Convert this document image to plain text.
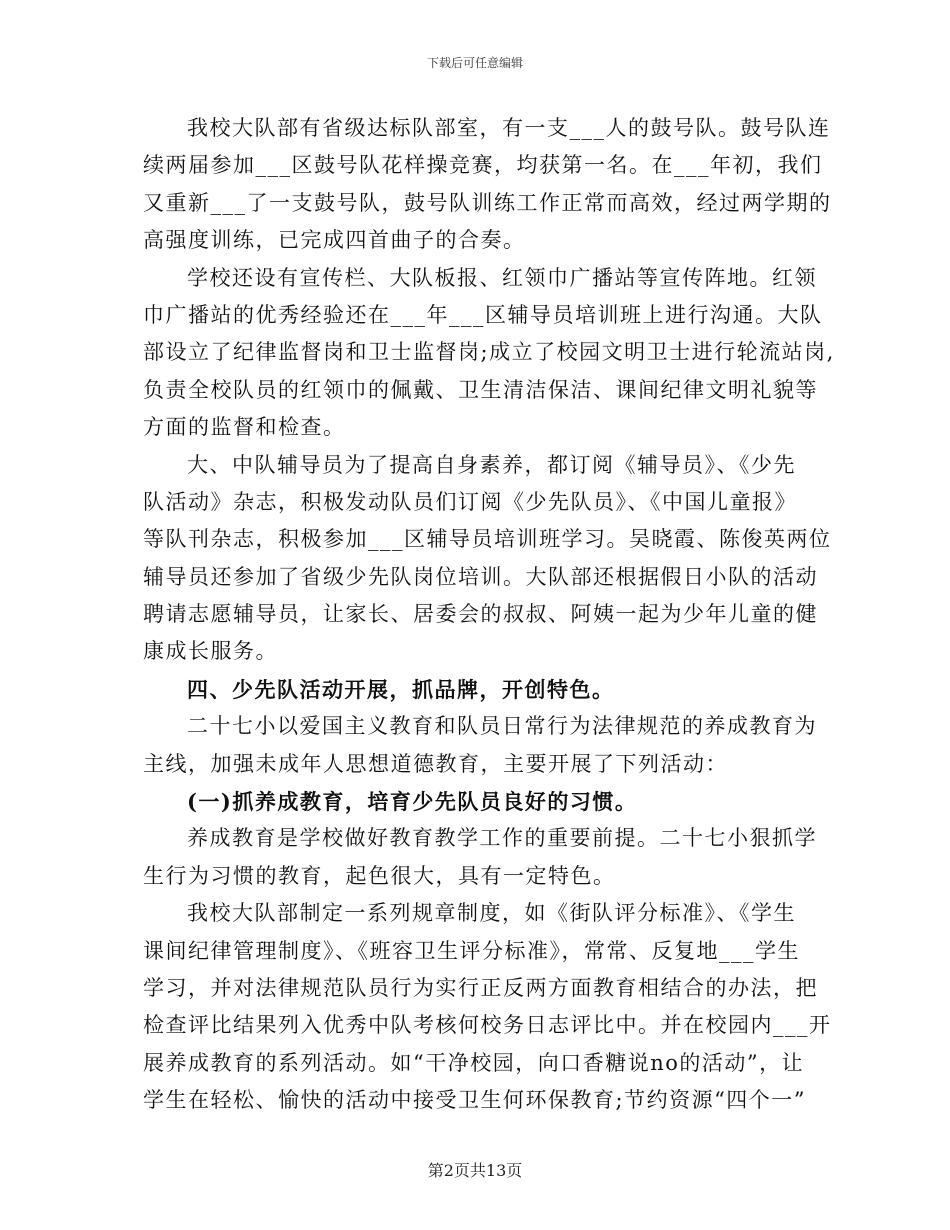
下载后可任意编辑
我校大队部有省级达标队部室，有一支___人的鼓号队。鼓号队连
续两届参加___区鼓号队花样操竞赛，均获第一名。在___年初，我们
又重新___了一支鼓号队，鼓号队训练工作正常而高效，经过两学期的
高强度训练，已完成四首曲子的合奏。
学校还设有宣传栏、大队板报、红领巾广播站等宣传阵地。红领
巾广播站的优秀经验还在___年___区辅导员培训班上进行沟通。大队
部设立了纪律监督岗和卫士监督岗;成立了校园文明卫士进行轮流站岗,
负责全校队员的红领巾的佩戴、卫生清洁保洁、课间纪律文明礼貌等
方面的监督和检查。
大、中队辅导员为了提高自身素养，都订阅《辅导员》、《少先
队活动》杂志，积极发动队员们订阅《少先队员》、《中国儿童报》
等队刊杂志，积极参加___区辅导员培训班学习。吴晓霞、陈俊英两位
辅导员还参加了省级少先队岗位培训。大队部还根据假日小队的活动
聘请志愿辅导员，让家长、居委会的叔叔、阿姨一起为少年儿童的健
康成长服务。
四、少先队活动开展，抓品牌，开创特色。
二十七小以爱国主义教育和队员日常行为法律规范的养成教育为
主线，加强未成年人思想道德教育，主要开展了下列活动：
(一)抓养成教育，培育少先队员良好的习惯。
养成教育是学校做好教育教学工作的重要前提。二十七小狠抓学
生行为习惯的教育，起色很大，具有一定特色。
我校大队部制定一系列规章制度，如《街队评分标准》、《学生
课间纪律管理制度》、《班容卫生评分标准》，常常、反复地___学生
学习，并对法律规范队员行为实行正反两方面教育相结合的办法，把
检查评比结果列入优秀中队考核何校务日志评比中。并在校园内___开
展养成教育的系列活动。如“干净校园，向口香糖说no的活动”，让
学生在轻松、愉快的活动中接受卫生何环保教育;节约资源“四个一”
第2页共13页
